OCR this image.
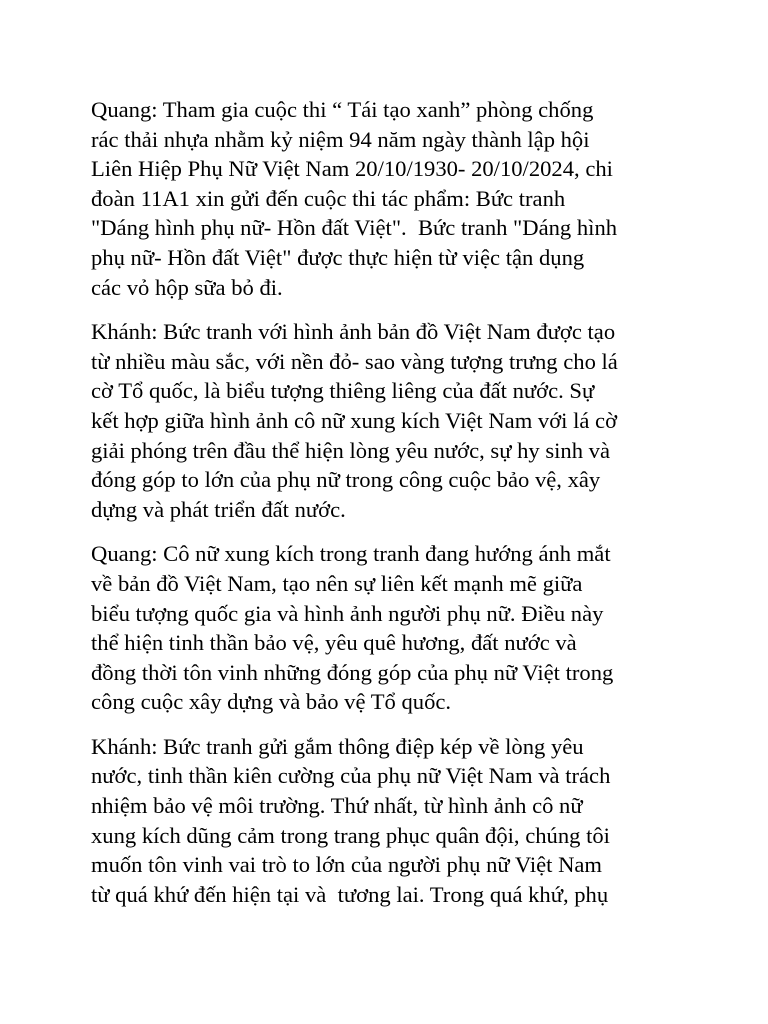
Quang: Tham gia cuộc thi “ Tái tạo xanh” phòng chống
rác thải nhựa nhằm kỷ niệm 94 năm ngày thành lập hội
Liên Hiệp Phụ Nữ Việt Nam 20/10/1930- 20/10/2024, chi
đoàn 11A1 xin gửi đến cuộc thi tác phẩm: Bức tranh
"Dáng hình phụ nữ- Hồn đất Việt".  Bức tranh "Dáng hình
phụ nữ- Hồn đất Việt" được thực hiện từ việc tận dụng
các vỏ hộp sữa bỏ đi.

Khánh: Bức tranh với hình ảnh bản đồ Việt Nam được tạo
từ nhiều màu sắc, với nền đỏ- sao vàng tượng trưng cho lá
cờ Tổ quốc, là biểu tượng thiêng liêng của đất nước. Sự
kết hợp giữa hình ảnh cô nữ xung kích Việt Nam với lá cờ
giải phóng trên đầu thể hiện lòng yêu nước, sự hy sinh và
đóng góp to lớn của phụ nữ trong công cuộc bảo vệ, xây
dựng và phát triển đất nước.

Quang: Cô nữ xung kích trong tranh đang hướng ánh mắt
về bản đồ Việt Nam, tạo nên sự liên kết mạnh mẽ giữa
biểu tượng quốc gia và hình ảnh người phụ nữ. Điều này
thể hiện tinh thần bảo vệ, yêu quê hương, đất nước và
đồng thời tôn vinh những đóng góp của phụ nữ Việt trong
công cuộc xây dựng và bảo vệ Tổ quốc.

Khánh: Bức tranh gửi gắm thông điệp kép về lòng yêu
nước, tinh thần kiên cường của phụ nữ Việt Nam và trách
nhiệm bảo vệ môi trường. Thứ nhất, từ hình ảnh cô nữ
xung kích dũng cảm trong trang phục quân đội, chúng tôi
muốn tôn vinh vai trò to lớn của người phụ nữ Việt Nam
từ quá khứ đến hiện tại và  tương lai. Trong quá khứ, phụ
